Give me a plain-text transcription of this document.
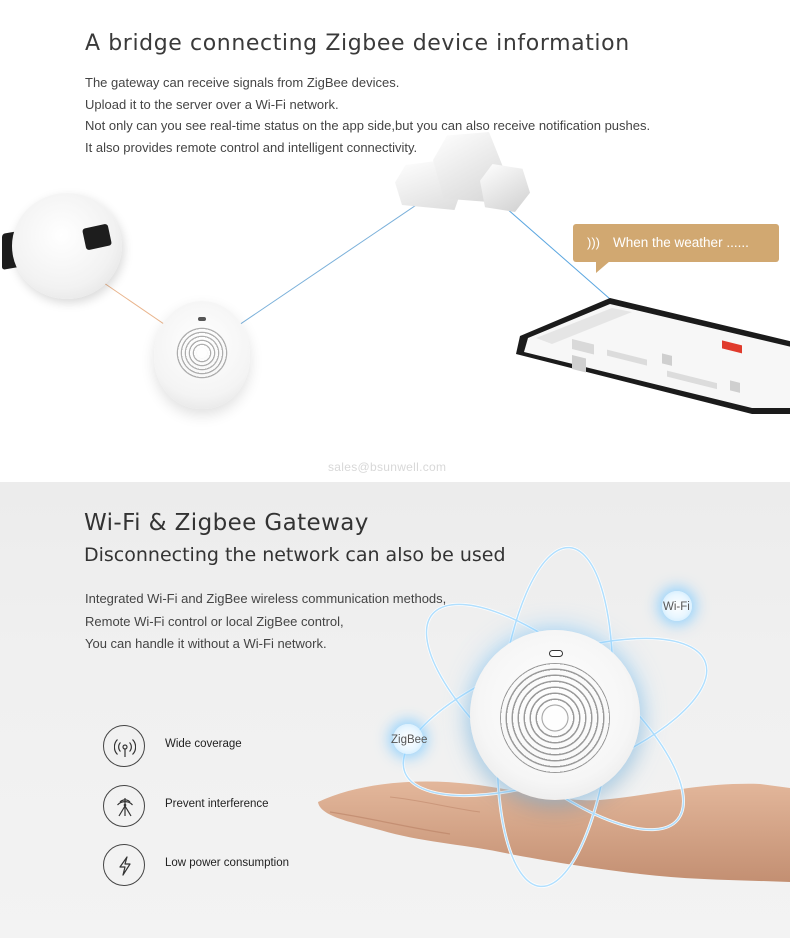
A bridge connecting Zigbee device information
The gateway can receive signals from ZigBee devices.
Upload it to the server over a Wi-Fi network.
Not only can you see real-time status on the app side,but you can also receive notification pushes.
It also provides remote control and intelligent connectivity.
))) When the weather ......
sales@bsunwell.com
Wi-Fi
ZigBee
Wi-Fi & Zigbee Gateway
Disconnecting the network can also be used
Integrated Wi-Fi and ZigBee wireless communication methods,
Remote Wi-Fi control or local ZigBee control,
You can handle it without a Wi-Fi network.
Wide coverage
Prevent interference
Low power consumption
